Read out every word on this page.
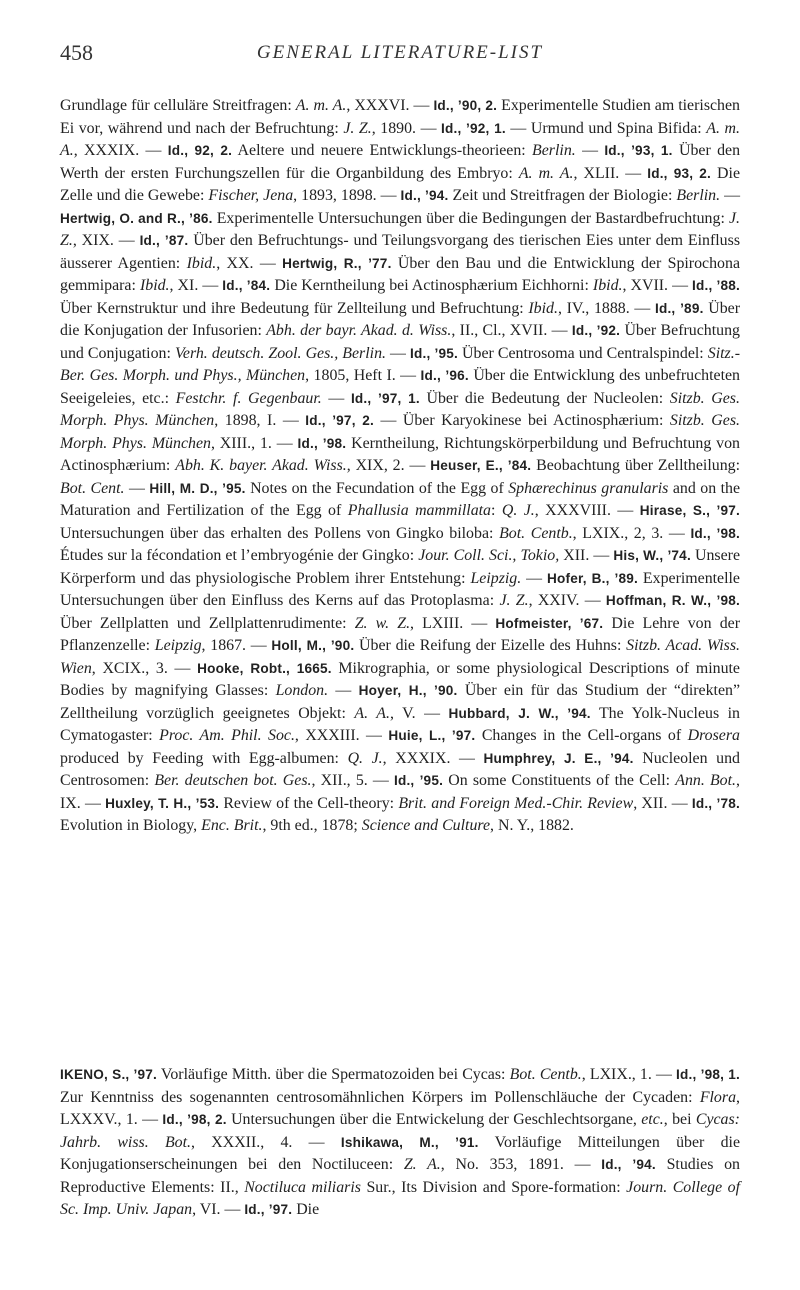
458	GENERAL LITERATURE-LIST

Grundlage für celluläre Streitfragen: A. m. A., XXXVI. — Id., ’90, 2. Experimentelle Studien am tierischen Ei vor, während und nach der Befruchtung: J. Z., 1890. — Id., ’92, 1. — Urmund und Spina Bifida: A. m. A., XXXIX. — Id., 92, 2. Aeltere und neuere Entwicklungs-theorieen: Berlin. — Id., ’93, 1. Über den Werth der ersten Furchungszellen für die Organbildung des Embryo: A. m. A., XLII. — Id., 93, 2. Die Zelle und die Gewebe: Fischer, Jena, 1893, 1898. — Id., ’94. Zeit und Streitfragen der Biologie: Berlin. — Hertwig, O. and R., ’86. Experimentelle Untersuchungen über die Bedingungen der Bastardbefruchtung: J. Z., XIX. — Id., ’87. Über den Befruchtungs- und Teilungsvorgang des tierischen Eies unter dem Einfluss äusserer Agentien: Ibid., XX. — Hertwig, R., ’77. Über den Bau und die Entwicklung der Spirochona gemmipara: Ibid., XI. — Id., ’84. Die Kerntheilung bei Actinosphærium Eichhorni: Ibid., XVII. — Id., ’88. Über Kernstruktur und ihre Bedeutung für Zellteilung und Befruchtung: Ibid., IV., 1888. — Id., ’89. Über die Konjugation der Infusorien: Abh. der bayr. Akad. d. Wiss., II., Cl., XVII. — Id., ’92. Über Befruchtung und Conjugation: Verh. deutsch. Zool. Ges., Berlin. — Id., ’95. Über Centrosoma und Centralspindel: Sitz.-Ber. Ges. Morph. und Phys., München, 1805, Heft I. — Id., ’96. Über die Entwicklung des unbefruchteten Seeigeleies, etc.: Festchr. f. Gegenbaur. — Id., ’97, 1. Über die Bedeutung der Nucleolen: Sitzb. Ges. Morph. Phys. München, 1898, I. — Id., ’97, 2. — Über Karyokinese bei Actinosphærium: Sitzb. Ges. Morph. Phys. München, XIII., 1. — Id., ’98. Kerntheilung, Richtungskörperbildung und Befruchtung von Actinosphærium: Abh. K. bayer. Akad. Wiss., XIX, 2. — Heuser, E., ’84. Beobachtung über Zelltheilung: Bot. Cent. — Hill, M. D., ’95. Notes on the Fecundation of the Egg of Sphærechinus granularis and on the Maturation and Fertilization of the Egg of Phallusia mammillata: Q. J., XXXVIII. — Hirase, S., ’97. Untersuchungen über das erhalten des Pollens von Gingko biloba: Bot. Centb., LXIX., 2, 3. — Id., ’98. Études sur la fécondation et l’embryogénie der Gingko: Jour. Coll. Sci., Tokio, XII. — His, W., ’74. Unsere Körperform und das physiologische Problem ihrer Entstehung: Leipzig. — Hofer, B., ’89. Experimentelle Untersuchungen über den Einfluss des Kerns auf das Protoplasma: J. Z., XXIV. — Hoffman, R. W., ’98. Über Zellplatten und Zellplattenrudimente: Z. w. Z., LXIII. — Hofmeister, ’67. Die Lehre von der Pflanzenzelle: Leipzig, 1867. — Holl, M., ’90. Über die Reifung der Eizelle des Huhns: Sitzb. Acad. Wiss. Wien, XCIX., 3. — Hooke, Robt., 1665. Mikrographia, or some physiological Descriptions of minute Bodies by magnifying Glasses: London. — Hoyer, H., ’90. Über ein für das Studium der “direkten” Zelltheilung vorzüglich geeignetes Objekt: A. A., V. — Hubbard, J. W., ’94. The Yolk-Nucleus in Cymatogaster: Proc. Am. Phil. Soc., XXXIII. — Huie, L., ’97. Changes in the Cell-organs of Drosera produced by Feeding with Egg-albumen: Q. J., XXXIX. — Humphrey, J. E., ’94. Nucleolen und Centrosomen: Ber. deutschen bot. Ges., XII., 5. — Id., ’95. On some Constituents of the Cell: Ann. Bot., IX. — Huxley, T. H., ’53. Review of the Cell-theory: Brit. and Foreign Med.-Chir. Review, XII. — Id., ’78. Evolution in Biology, Enc. Brit., 9th ed., 1878; Science and Culture, N. Y., 1882.

IKENO, S., ’97. Vorläufige Mitth. über die Spermatozoiden bei Cycas: Bot. Centb., LXIX., 1. — Id., ’98, 1. Zur Kenntniss des sogenannten centrosomähnlichen Körpers im Pollenschläuche der Cycaden: Flora, LXXXV., 1. — Id., ’98, 2. Untersuchungen über die Entwickelung der Geschlechtsorgane, etc., bei Cycas: Jahrb. wiss. Bot., XXXII., 4. — Ishikawa, M., ’91. Vorläufige Mitteilungen über die Konjugationserscheinungen bei den Noctiluceen: Z. A., No. 353, 1891. — Id., ’94. Studies on Reproductive Elements: II., Noctiluca miliaris Sur., Its Division and Spore-formation: Journ. College of Sc. Imp. Univ. Japan, VI. — Id., ’97. Die
